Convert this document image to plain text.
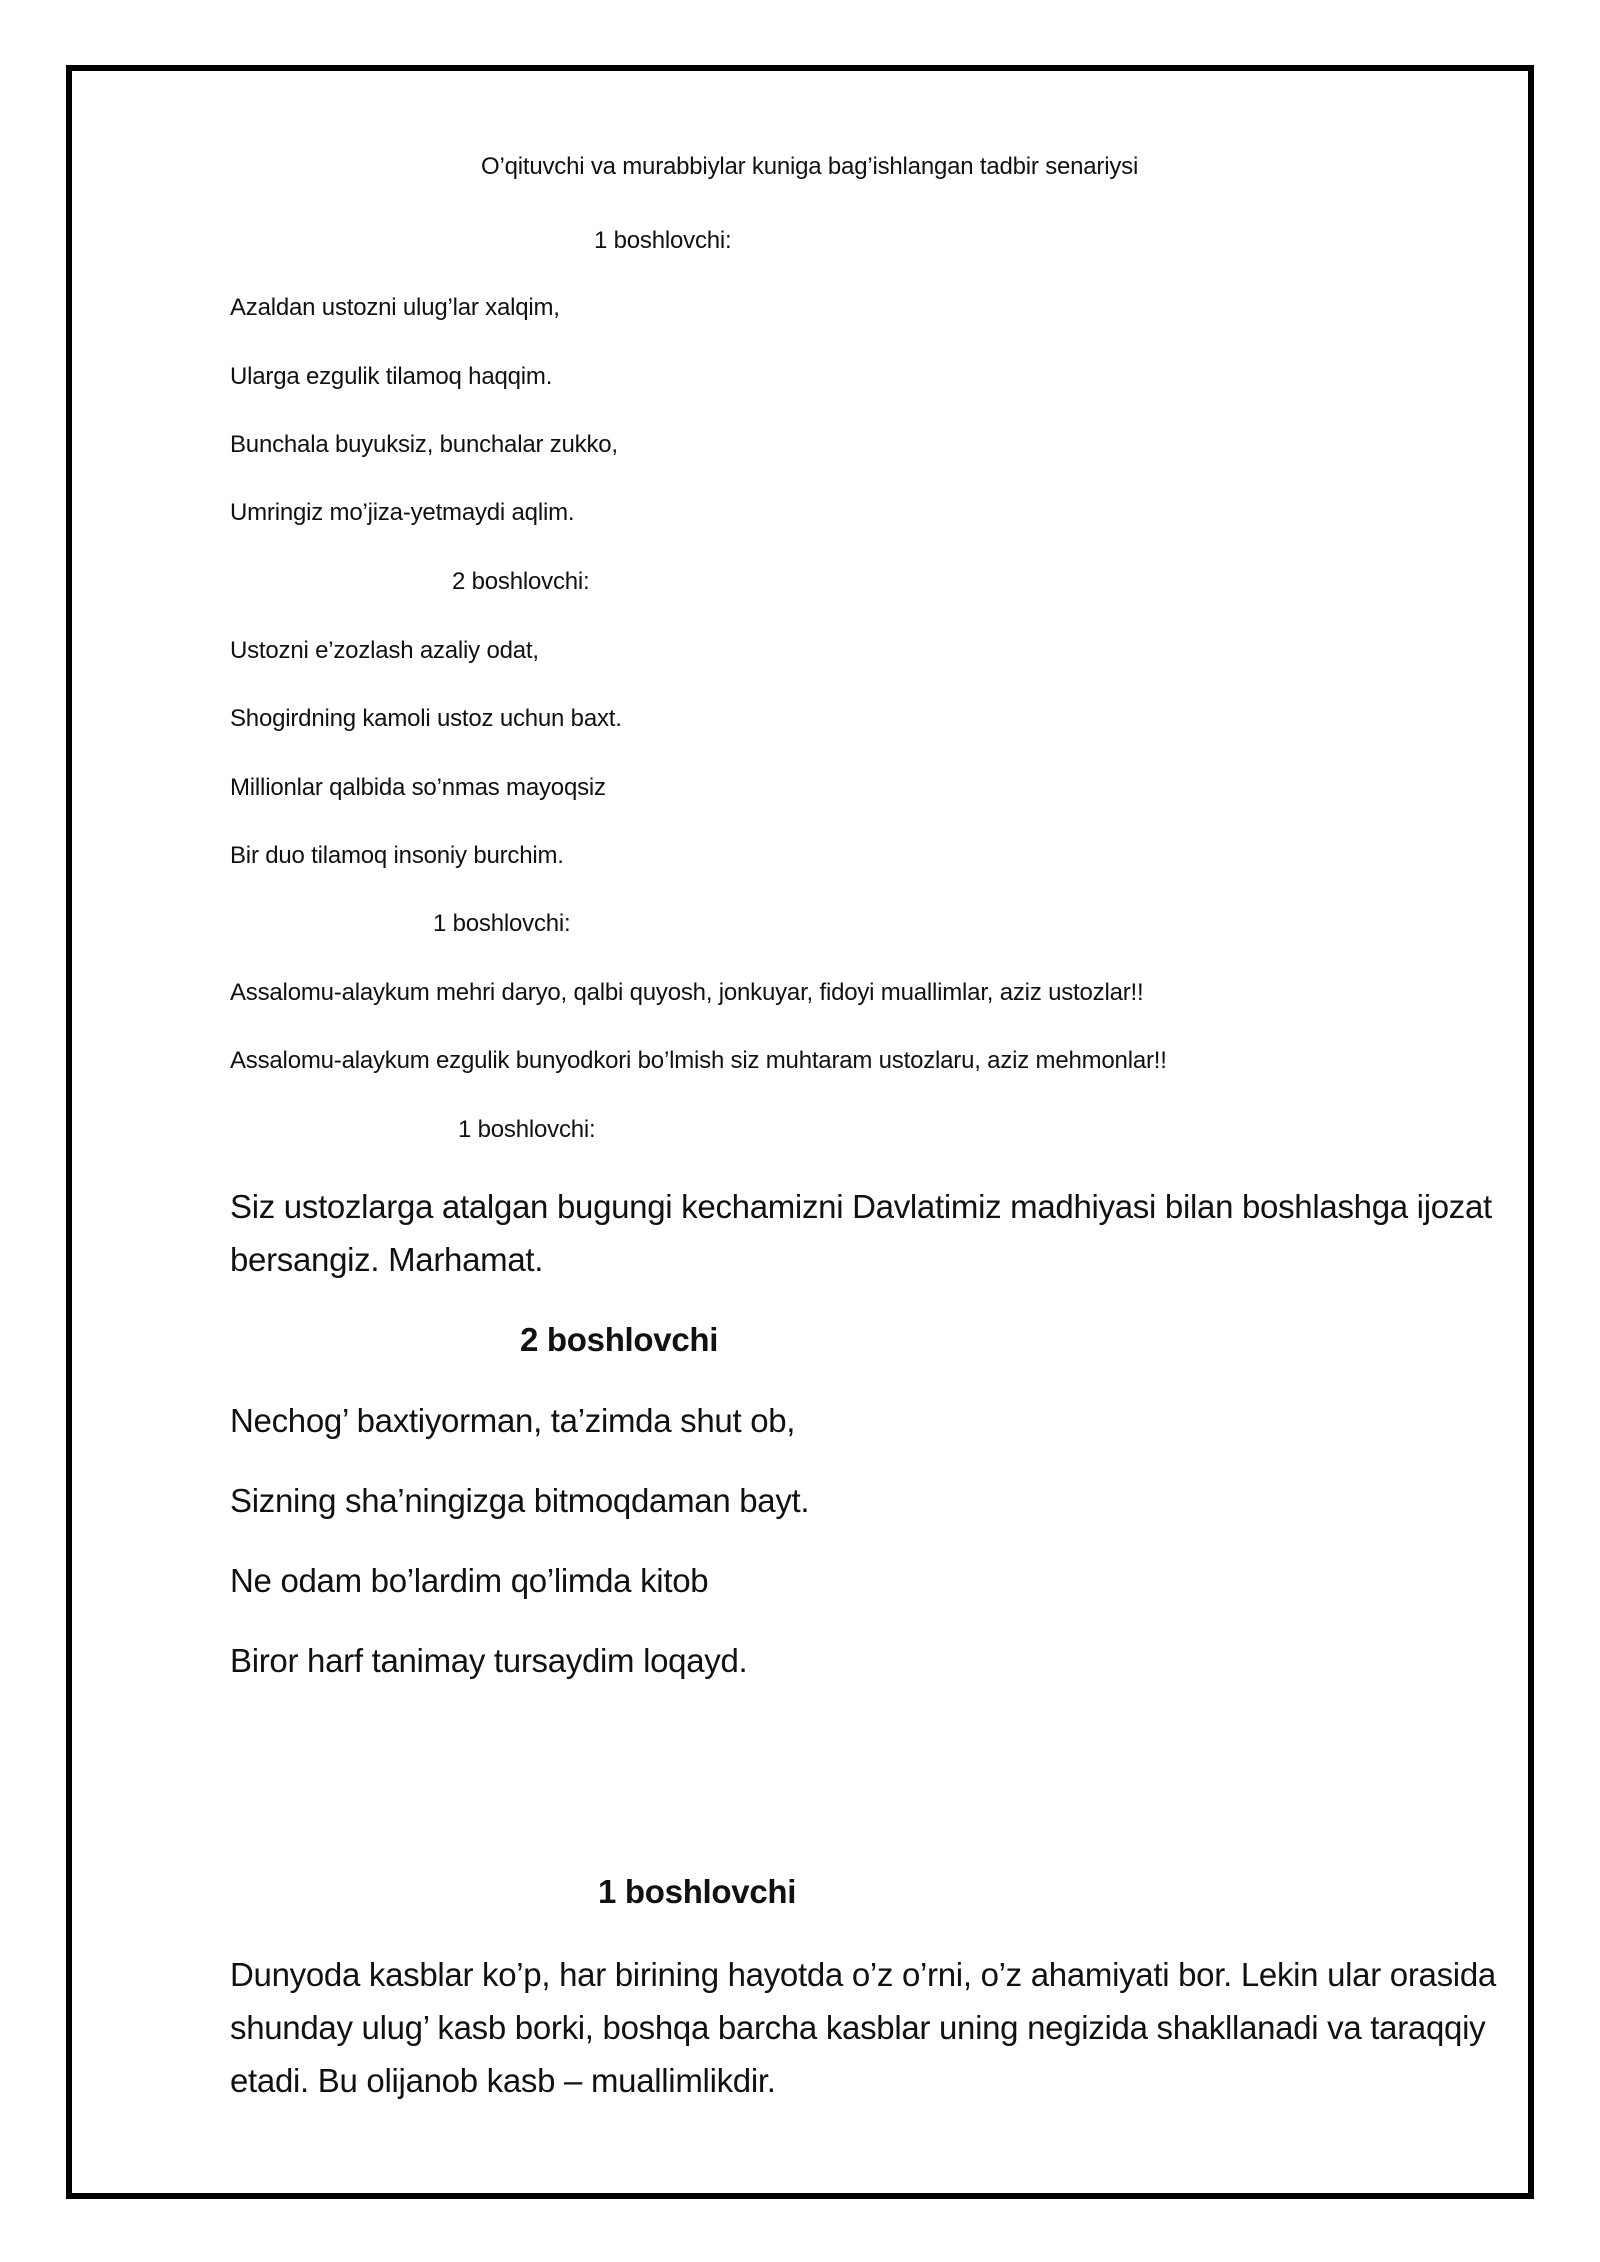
O’qituvchi va murabbiylar kuniga bag’ishlangan tadbir senariysi
1 boshlovchi:
Azaldan ustozni ulug’lar xalqim,
Ularga ezgulik tilamoq haqqim.
Bunchala buyuksiz, bunchalar zukko,
Umringiz mo’jiza-yetmaydi aqlim.
2 boshlovchi:
Ustozni e’zozlash azaliy odat,
Shogirdning kamoli ustoz uchun baxt.
Millionlar qalbida so’nmas mayoqsiz
Bir duo tilamoq insoniy burchim.
1 boshlovchi:
Assalomu-alaykum mehri daryo, qalbi quyosh, jonkuyar, fidoyi muallimlar, aziz ustozlar!!
Assalomu-alaykum ezgulik bunyodkori bo’lmish siz muhtaram ustozlaru, aziz mehmonlar!!
1 boshlovchi:
Siz ustozlarga atalgan bugungi kechamizni Davlatimiz madhiyasi bilan boshlashga ijozat bersangiz. Marhamat.
2 boshlovchi
Nechog’ baxtiyorman, ta’zimda shut ob,
Sizning sha’ningizga bitmoqdaman bayt.
Ne odam bo’lardim qo’limda kitob
Biror harf tanimay tursaydim loqayd.
1 boshlovchi
Dunyoda kasblar ko’p, har birining hayotda o’z o’rni, o’z ahamiyati bor. Lekin ular orasida shunday ulug’ kasb borki, boshqa barcha kasblar uning negizida shakllanadi va taraqqiy etadi. Bu olijanob kasb – muallimlikdir.
